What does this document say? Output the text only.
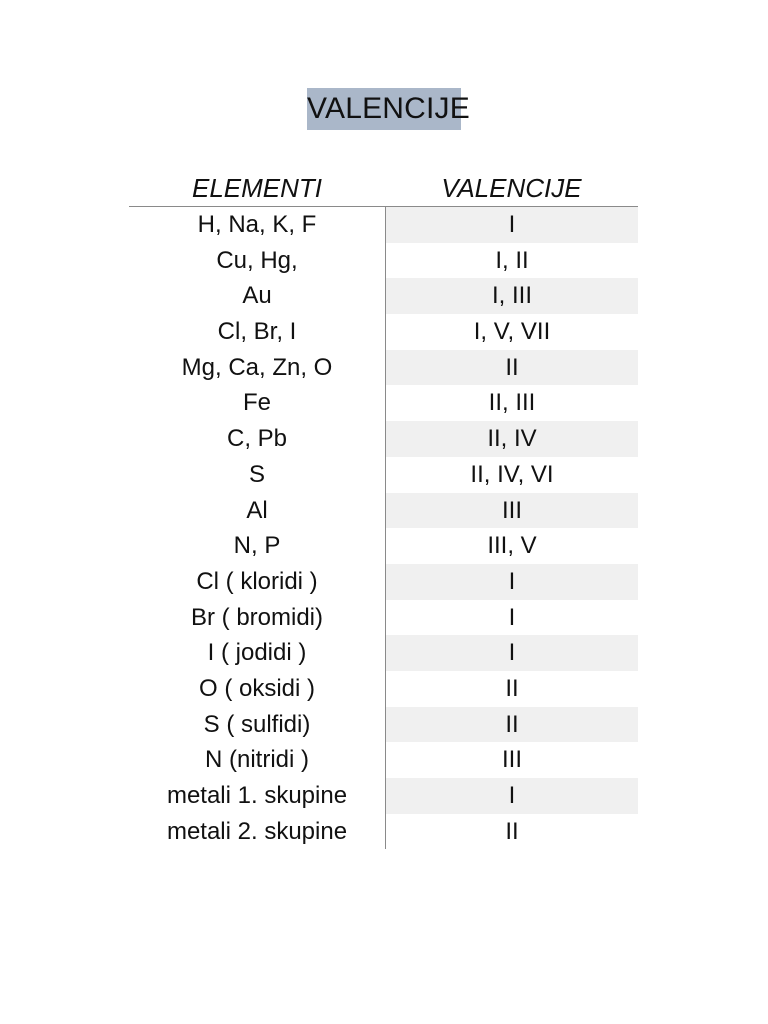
VALENCIJE
ELEMENTI	VALENCIJE
H, Na, K, F	I
Cu, Hg,	I, II
Au	I, III
Cl, Br, I	I, V, VII
Mg, Ca, Zn, O	II
Fe	II, III
C, Pb	II, IV
S	II, IV, VI
Al	III
N, P	III, V
Cl ( kloridi )	I
Br ( bromidi)	I
I ( jodidi )	I
O ( oksidi )	II
S ( sulfidi)	II
N (nitridi )	III
metali 1. skupine	I
metali 2. skupine	II
